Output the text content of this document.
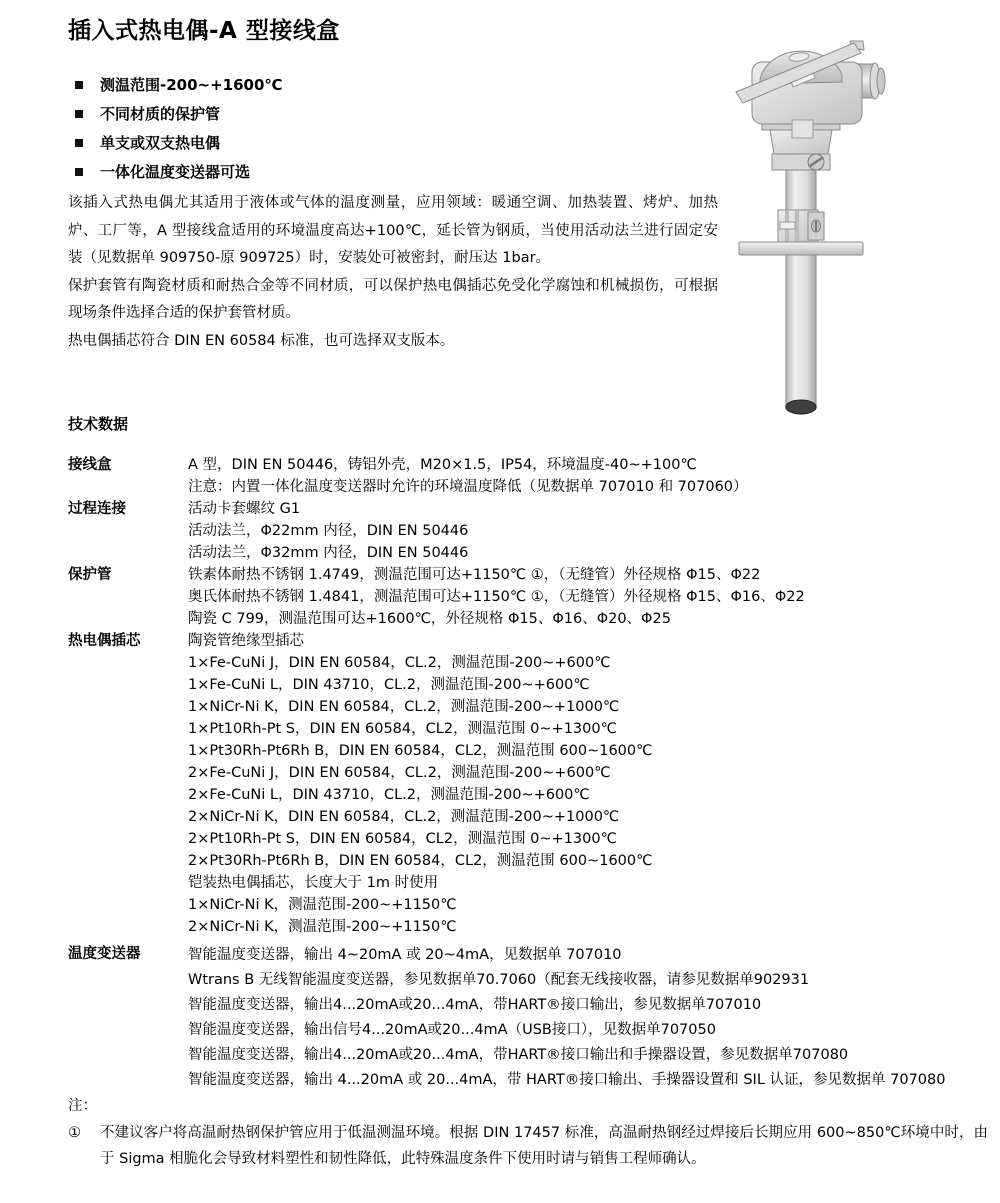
插入式热电偶-A 型接线盒
测温范围-200~+1600℃
不同材质的保护管
单支或双支热电偶
一体化温度变送器可选

该插入式热电偶尤其适用于液体或气体的温度测量，应用领域：暖通空调、加热装置、烤炉、加热炉、工厂等，A 型接线盒适用的环境温度高达+100℃，延长管为钢质，当使用活动法兰进行固定安装（见数据单 909750-原 909725）时，安装处可被密封，耐压达 1bar。

保护套管有陶瓷材质和耐热合金等不同材质，可以保护热电偶插芯免受化学腐蚀和机械损伤，可根据现场条件选择合适的保护套管材质。

热电偶插芯符合 DIN EN 60584 标准，也可选择双支版本。

技术数据
接线盒	A 型，DIN EN 50446，铸铝外壳，M20×1.5，IP54，环境温度-40~+100℃
注意：内置一体化温度变送器时允许的环境温度降低（见数据单 707010 和 707060）
过程连接	活动卡套螺纹 G1
活动法兰，Φ22mm 内径，DIN EN 50446
活动法兰，Φ32mm 内径，DIN EN 50446
保护管	铁素体耐热不锈钢 1.4749，测温范围可达+1150℃ ①，（无缝管）外径规格 Φ15、Φ22
奥氏体耐热不锈钢 1.4841，测温范围可达+1150℃ ①，（无缝管）外径规格 Φ15、Φ16、Φ22
陶瓷 C 799，测温范围可达+1600℃，外径规格 Φ15、Φ16、Φ20、Φ25
热电偶插芯	陶瓷管绝缘型插芯
1×Fe-CuNi J，DIN EN 60584，CL.2，测温范围-200~+600℃
1×Fe-CuNi L，DIN 43710，CL.2，测温范围-200~+600℃
1×NiCr-Ni K，DIN EN 60584，CL.2，测温范围-200~+1000℃
1×Pt10Rh-Pt S，DIN EN 60584，CL2，测温范围 0~+1300℃
1×Pt30Rh-Pt6Rh B，DIN EN 60584，CL2，测温范围 600~1600℃
2×Fe-CuNi J，DIN EN 60584，CL.2，测温范围-200~+600℃
2×Fe-CuNi L，DIN 43710，CL.2，测温范围-200~+600℃
2×NiCr-Ni K，DIN EN 60584，CL.2，测温范围-200~+1000℃
2×Pt10Rh-Pt S，DIN EN 60584，CL2，测温范围 0~+1300℃
2×Pt30Rh-Pt6Rh B，DIN EN 60584，CL2，测温范围 600~1600℃
铠装热电偶插芯，长度大于 1m 时使用
1×NiCr-Ni K，测温范围-200~+1150℃
2×NiCr-Ni K，测温范围-200~+1150℃
温度变送器	智能温度变送器，输出 4~20mA 或 20~4mA，见数据单 707010
Wtrans B 无线智能温度变送器，参见数据单70.7060（配套无线接收器，请参见数据单902931
智能温度变送器，输出4...20mA或20...4mA，带HART®接口输出，参见数据单707010
智能温度变送器，输出信号4...20mA或20...4mA（USB接口），见数据单707050
智能温度变送器，输出4...20mA或20...4mA，带HART®接口输出和手操器设置，参见数据单707080
智能温度变送器，输出 4...20mA 或 20...4mA，带 HART®接口输出、手操器设置和 SIL 认证，参见数据单 707080
注：
①	不建议客户将高温耐热钢保护管应用于低温测温环境。根据 DIN 17457 标准，高温耐热钢经过焊接后长期应用 600~850℃环境中时，由于 Sigma 相脆化会导致材料塑性和韧性降低，此特殊温度条件下使用时请与销售工程师确认。
